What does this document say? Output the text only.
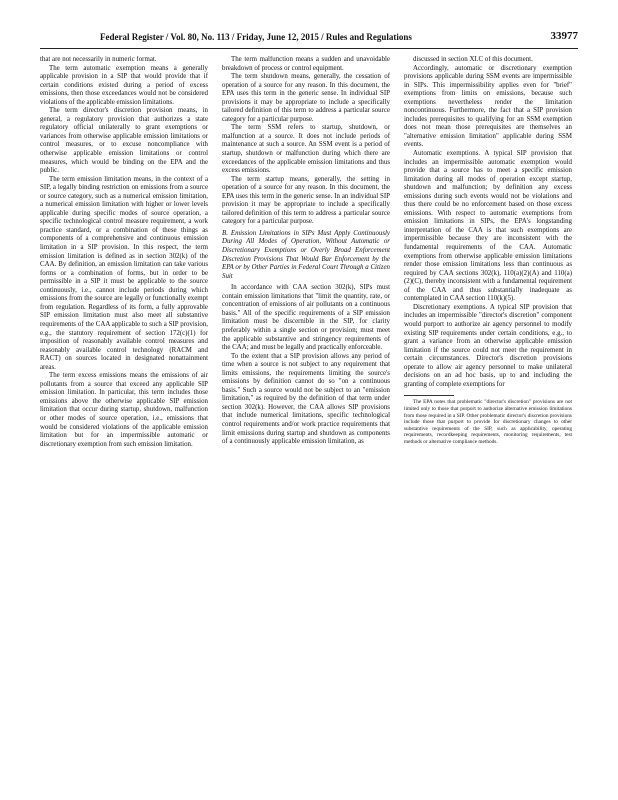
Federal Register / Vol. 80, No. 113 / Friday, June 12, 2015 / Rules and Regulations	33977

that are not necessarily in numeric format.

The term automatic exemption means a generally applicable provision in a SIP that would provide that if certain conditions existed during a period of excess emissions, then those exceedances would not be considered violations of the applicable emission limitations.

The term director's discretion provision means, in general, a regulatory provision that authorizes a state regulatory official unilaterally to grant exemptions or variances from otherwise applicable emission limitations or control measures, or to excuse noncompliance with otherwise applicable emission limitations or control measures, which would be binding on the EPA and the public.

The term emission limitation means, in the context of a SIP, a legally binding restriction on emissions from a source or source category, such as a numerical emission limitation, a numerical emission limitation with higher or lower levels applicable during specific modes of source operation, a specific technological control measure requirement, a work practice standard, or a combination of these things as components of a comprehensive and continuous emission limitation in a SIP provision. In this respect, the term emission limitation is defined as in section 302(k) of the CAA. By definition, an emission limitation can take various forms or a combination of forms, but in order to be permissible in a SIP it must be applicable to the source continuously, i.e., cannot include periods during which emissions from the source are legally or functionally exempt from regulation. Regardless of its form, a fully approvable SIP emission limitation must also meet all substantive requirements of the CAA applicable to such a SIP provision, e.g., the statutory requirement of section 172(c)(1) for imposition of reasonably available control measures and reasonably available control technology (RACM and RACT) on sources located in designated nonattainment areas.

The term excess emissions means the emissions of air pollutants from a source that exceed any applicable SIP emission limitation. In particular, this term includes those emissions above the otherwise applicable SIP emission limitation that occur during startup, shutdown, malfunction or other modes of source operation, i.e., emissions that would be considered violations of the applicable emission limitation but for an impermissible automatic or discretionary exemption from such emission limitation.

The term malfunction means a sudden and unavoidable breakdown of process or control equipment.

The term shutdown means, generally, the cessation of operation of a source for any reason. In this document, the EPA uses this term in the generic sense. In individual SIP provisions it may be appropriate to include a specifically tailored definition of this term to address a particular source category for a particular purpose.

The term SSM refers to startup, shutdown, or malfunction at a source. It does not include periods of maintenance at such a source. An SSM event is a period of startup, shutdown or malfunction during which there are exceedances of the applicable emission limitations and thus excess emissions.

The term startup means, generally, the setting in operation of a source for any reason. In this document, the EPA uses this term in the generic sense. In an individual SIP provision it may be appropriate to include a specifically tailored definition of this term to address a particular source category for a particular purpose.

B. Emission Limitations in SIPs Must Apply Continuously During All Modes of Operation, Without Automatic or Discretionary Exemptions or Overly Broad Enforcement Discretion Provisions That Would Bar Enforcement by the EPA or by Other Parties in Federal Court Through a Citizen Suit

In accordance with CAA section 302(k), SIPs must contain emission limitations that "limit the quantity, rate, or concentration of emissions of air pollutants on a continuous basis." All of the specific requirements of a SIP emission limitation must be discernible in the SIP, for clarity preferably within a single section or provision; must meet the applicable substantive and stringency requirements of the CAA; and must be legally and practically enforceable.

To the extent that a SIP provision allows any period of time when a source is not subject to any requirement that limits emissions, the requirements limiting the source's emissions by definition cannot do so "on a continuous basis." Such a source would not be subject to an "emission limitation," as required by the definition of that term under section 302(k). However, the CAA allows SIP provisions that include numerical limitations, specific technological control requirements and/or work practice requirements that limit emissions during startup and shutdown as components of a continuously applicable emission limitation, as

discussed in section XI.C of this document.

Accordingly, automatic or discretionary exemption provisions applicable during SSM events are impermissible in SIPs. This impermissibility applies even for "brief" exemptions from limits on emissions, because such exemptions nevertheless render the limitation noncontinuous. Furthermore, the fact that a SIP provision includes prerequisites to qualifying for an SSM exemption does not mean those prerequisites are themselves an "alternative emission limitation" applicable during SSM events.

Automatic exemptions. A typical SIP provision that includes an impermissible automatic exemption would provide that a source has to meet a specific emission limitation during all modes of operation except startup, shutdown and malfunction; by definition any excess emissions during such events would not be violations and thus there could be no enforcement based on those excess emissions. With respect to automatic exemptions from emission limitations in SIPs, the EPA's longstanding interpretation of the CAA is that such exemptions are impermissible because they are inconsistent with the fundamental requirements of the CAA. Automatic exemptions from otherwise applicable emission limitations render those emission limitations less than continuous as required by CAA sections 302(k), 110(a)(2)(A) and 110(a)(2)(C), thereby inconsistent with a fundamental requirement of the CAA and thus substantially inadequate as contemplated in CAA section 110(k)(5).

Discretionary exemptions. A typical SIP provision that includes an impermissible "director's discretion" component would purport to authorize air agency personnel to modify existing SIP requirements under certain conditions, e.g., to grant a variance from an otherwise applicable emission limitation if the source could not meet the requirement in certain circumstances. Director's discretion provisions operate to allow air agency personnel to make unilateral decisions on an ad hoc basis, up to and including the granting of complete exemptions for

The EPA notes that problematic "director's discretion" provisions are not limited only to those that purport to authorize alternative emission limitations from those required in a SIP. Other problematic director's discretion provisions include those that purport to provide for discretionary changes to other substantive requirements of the SIP, such as applicability, operating requirements, recordkeeping requirements, monitoring requirements, test methods or alternative compliance methods.
